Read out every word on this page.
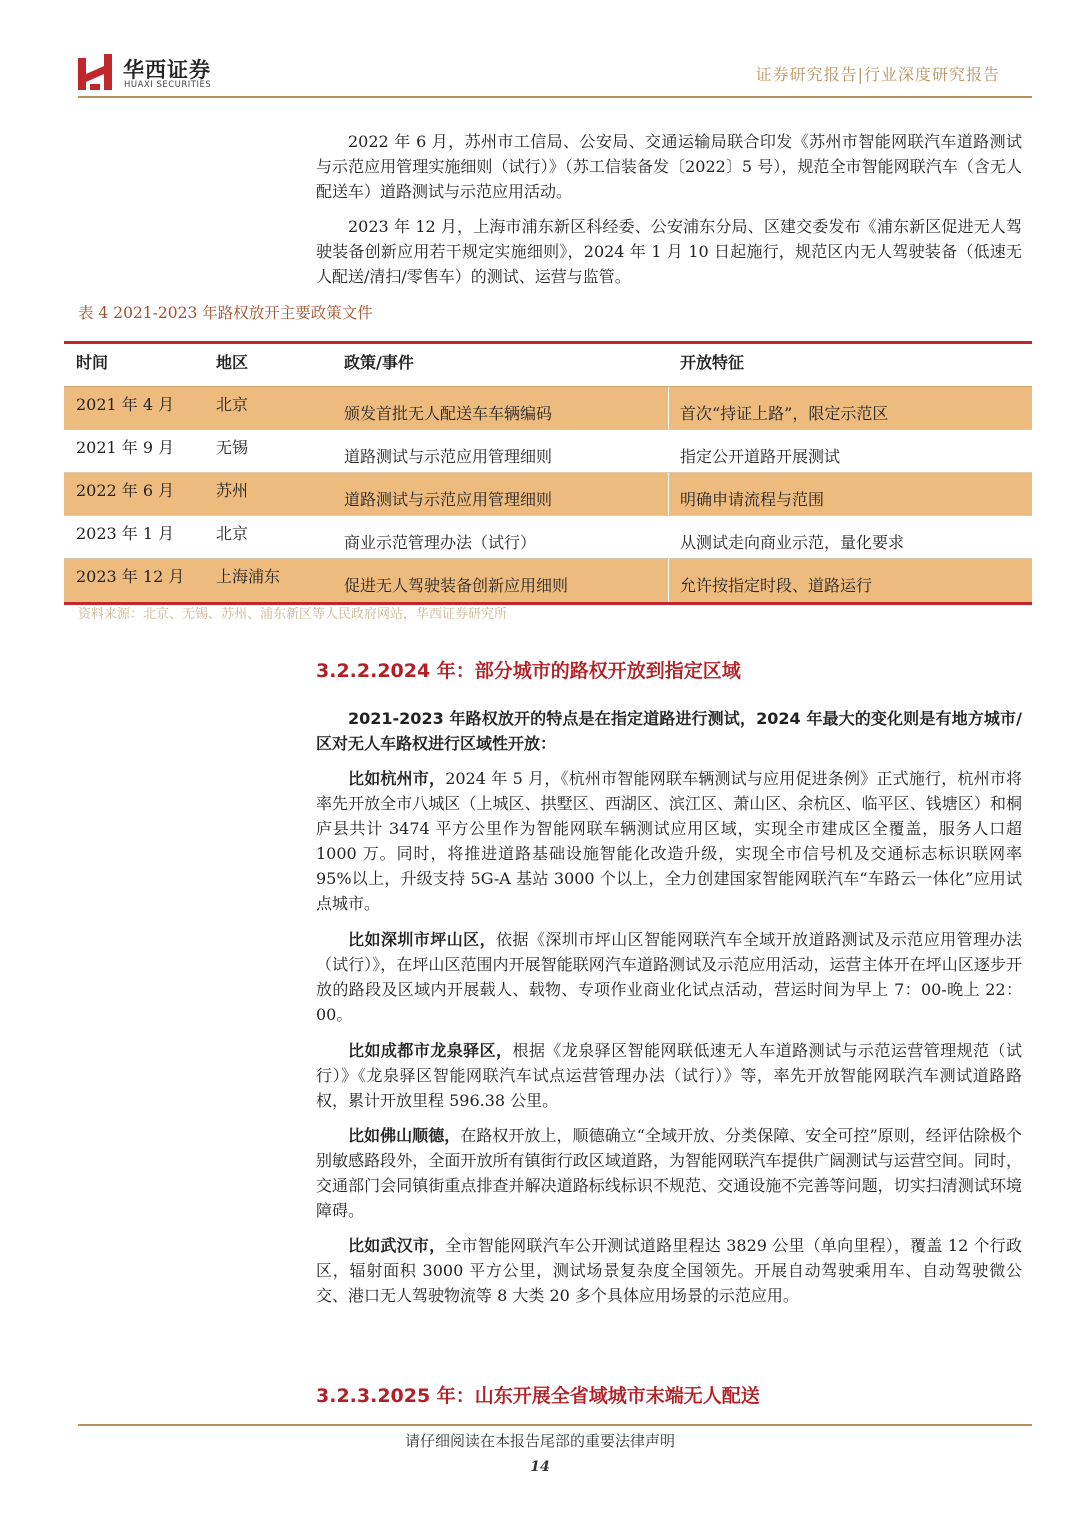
华西证券
HUAXI SECURITIES
证券研究报告|行业深度研究报告

2022 年 6 月，苏州市工信局、公安局、交通运输局联合印发《苏州市智能网联汽车道路测试与示范应用管理实施细则（试行）》（苏工信装备发〔2022〕5 号），规范全市智能网联汽车（含无人配送车）道路测试与示范应用活动。

2023 年 12 月，上海市浦东新区科经委、公安浦东分局、区建交委发布《浦东新区促进无人驾驶装备创新应用若干规定实施细则》，2024 年 1 月 10 日起施行，规范区内无人驾驶装备（低速无人配送/清扫/零售车）的测试、运营与监管。

表 4 2021-2023 年路权放开主要政策文件
时间	地区	政策/事件	开放特征
2021 年 4 月	北京	颁发首批无人配送车车辆编码	首次“持证上路”，限定示范区
2021 年 9 月	无锡	道路测试与示范应用管理细则	指定公开道路开展测试
2022 年 6 月	苏州	道路测试与示范应用管理细则	明确申请流程与范围
2023 年 1 月	北京	商业示范管理办法（试行）	从测试走向商业示范，量化要求
2023 年 12 月	上海浦东	促进无人驾驶装备创新应用细则	允许按指定时段、道路运行
资料来源：北京、无锡、苏州、浦东新区等人民政府网站，华西证券研究所
3.2.2.2024 年：部分城市的路权开放到指定区域

2021-2023 年路权放开的特点是在指定道路进行测试，2024 年最大的变化则是有地方城市/区对无人车路权进行区域性开放：

比如杭州市，2024 年 5 月，《杭州市智能网联车辆测试与应用促进条例》正式施行，杭州市将率先开放全市八城区（上城区、拱墅区、西湖区、滨江区、萧山区、余杭区、临平区、钱塘区）和桐庐县共计 3474 平方公里作为智能网联车辆测试应用区域，实现全市建成区全覆盖，服务人口超 1000 万。同时，将推进道路基础设施智能化改造升级，实现全市信号机及交通标志标识联网率 95%以上，升级支持 5G-A 基站 3000 个以上，全力创建国家智能网联汽车“车路云一体化”应用试点城市。

比如深圳市坪山区，依据《深圳市坪山区智能网联汽车全域开放道路测试及示范应用管理办法（试行）》，在坪山区范围内开展智能联网汽车道路测试及示范应用活动，运营主体开在坪山区逐步开放的路段及区域内开展载人、载物、专项作业商业化试点活动，营运时间为早上 7：00-晚上 22：00。

比如成都市龙泉驿区，根据《龙泉驿区智能网联低速无人车道路测试与示范运营管理规范（试行）》《龙泉驿区智能网联汽车试点运营管理办法（试行）》等，率先开放智能网联汽车测试道路路权，累计开放里程 596.38 公里。

比如佛山顺德，在路权开放上，顺德确立“全域开放、分类保障、安全可控”原则，经评估除极个别敏感路段外，全面开放所有镇街行政区域道路，为智能网联汽车提供广阔测试与运营空间。同时，交通部门会同镇街重点排查并解决道路标线标识不规范、交通设施不完善等问题，切实扫清测试环境障碍。

比如武汉市，全市智能网联汽车公开测试道路里程达 3829 公里（单向里程），覆盖 12 个行政区，辐射面积 3000 平方公里，测试场景复杂度全国领先。开展自动驾驶乘用车、自动驾驶微公交、港口无人驾驶物流等 8 大类 20 多个具体应用场景的示范应用。

3.2.3.2025 年：山东开展全省域城市末端无人配送
请仔细阅读在本报告尾部的重要法律声明
14
